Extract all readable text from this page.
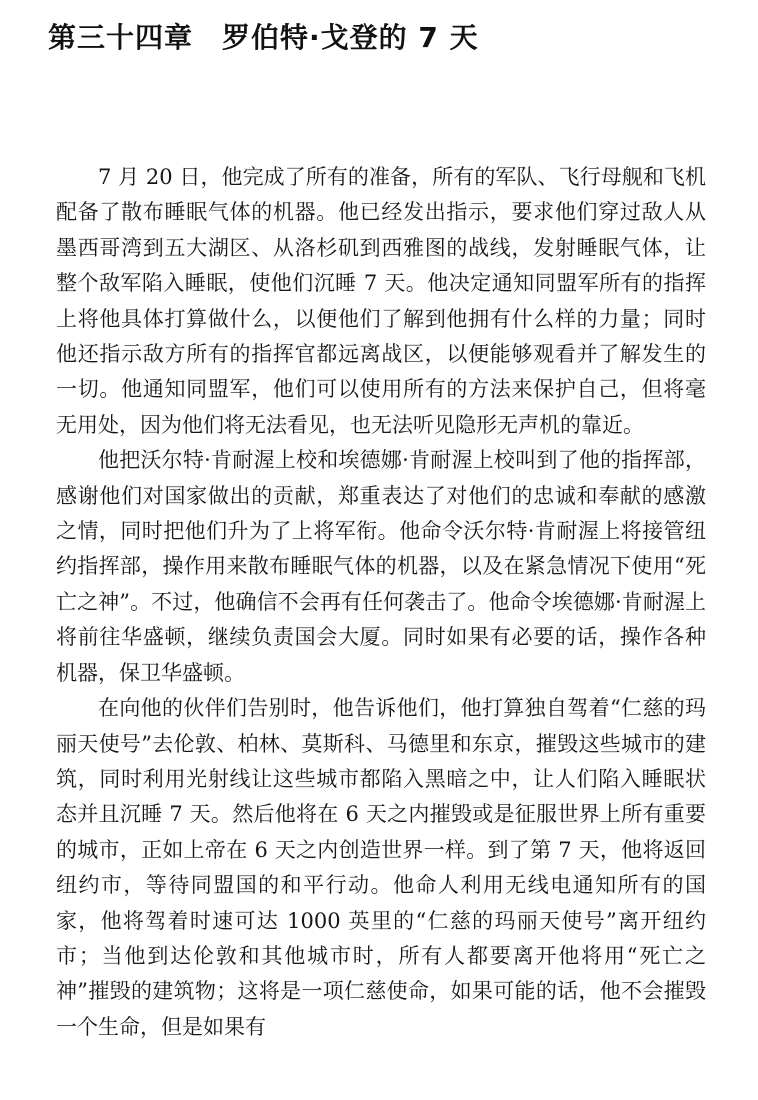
第三十四章　罗伯特·戈登的 7 天

7 月 20 日，他完成了所有的准备，所有的军队、飞行母舰和飞机配备了散布睡眠气体的机器。他已经发出指示，要求他们穿过敌人从墨西哥湾到五大湖区、从洛杉矶到西雅图的战线，发射睡眠气体，让整个敌军陷入睡眠，使他们沉睡 7 天。他决定通知同盟军所有的指挥上将他具体打算做什么，以便他们了解到他拥有什么样的力量；同时他还指示敌方所有的指挥官都远离战区，以便能够观看并了解发生的一切。他通知同盟军，他们可以使用所有的方法来保护自己，但将毫无用处，因为他们将无法看见，也无法听见隐形无声机的靠近。

他把沃尔特·肯耐渥上校和埃德娜·肯耐渥上校叫到了他的指挥部，感谢他们对国家做出的贡献，郑重表达了对他们的忠诚和奉献的感激之情，同时把他们升为了上将军衔。他命令沃尔特·肯耐渥上将接管纽约指挥部，操作用来散布睡眠气体的机器，以及在紧急情况下使用“死亡之神”。不过，他确信不会再有任何袭击了。他命令埃德娜·肯耐渥上将前往华盛顿，继续负责国会大厦。同时如果有必要的话，操作各种机器，保卫华盛顿。

在向他的伙伴们告别时，他告诉他们，他打算独自驾着“仁慈的玛丽天使号”去伦敦、柏林、莫斯科、马德里和东京，摧毁这些城市的建筑，同时利用光射线让这些城市都陷入黑暗之中，让人们陷入睡眠状态并且沉睡 7 天。然后他将在 6 天之内摧毁或是征服世界上所有重要的城市，正如上帝在 6 天之内创造世界一样。到了第 7 天，他将返回纽约市，等待同盟国的和平行动。他命人利用无线电通知所有的国家，他将驾着时速可达 1000 英里的“仁慈的玛丽天使号”离开纽约市；当他到达伦敦和其他城市时，所有人都要离开他将用“死亡之神”摧毁的建筑物；这将是一项仁慈使命，如果可能的话，他不会摧毁一个生命，但是如果有
